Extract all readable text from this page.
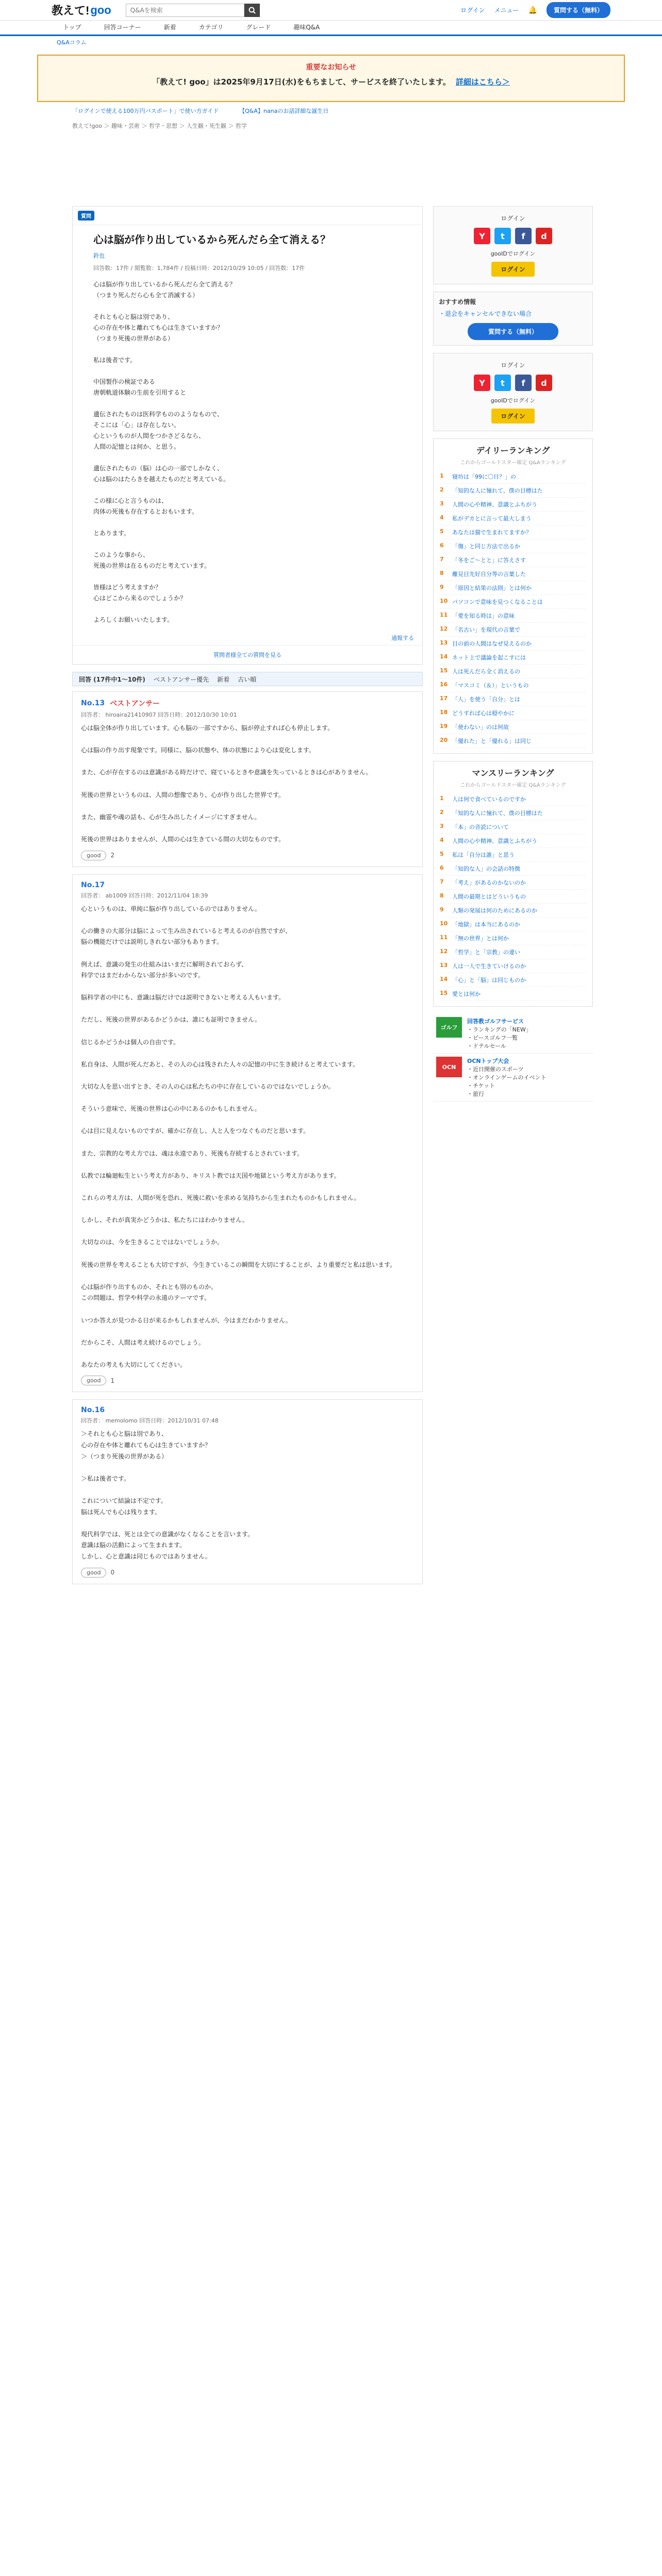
教えて! goo
Q&Aを検索	ログイン メニュー 🔔	質問する（無料）
トップ	回答コーナー	新着	カテゴリ	グレード	趣味Q&A
Q&Aコラム
重要なお知らせ
「教えて! goo」は2025年9月17日(水)をもちまして、サービスを終了いたします。 詳細はこちら＞
「ログインで使える100万円パスポート」で使い方ガイド	【Q&A】nanaのお話詳細な誕生日
教えて!goo ＞ 趣味・芸術 ＞ 哲学・思想 ＞ 人生観・死生観 ＞ 哲学
質問
心は脳が作り出しているから死んだら全て消える？
鈴也
回答数：17件 / 閲覧数：1,784件 / 投稿日時：2012/10/29 10:05 / 回答数：17件
心は脳が作り出しているから死んだら全て消える？
（つまり死んだら心も全て消滅する）

それとも心と脳は別であり、
心の存在や体と離れても心は生きていますか？
（つまり死後の世界がある）

私は後者です。

中国製作の検証である
唐朝軌道体験の生前を引用すると

遺伝されたものは医科学もののようなもので、
そこには「心」は存在しない。
心というものが人間をつかさどるなら、
人間の記憶とは何か、と思う。

遺伝されたもの（脳）は心の一部でしかなく、
心は脳のはたらきを越えたものだと考えている。

この様に心と言うものは、
肉体の死後も存在するとおもいます。

とあります。

このような事から、
死後の世界は在るものだと考えています。

皆様はどう考えますか？
心はどこから来るのでしょうか？

よろしくお願いいたします。
通報する
質問者様全ての質問を見る
回答 (17件中1〜10件) ベストアンサー優先 新着 古い順
No.13 ベストアンサー
回答者： hiroaira21410907 回答日時：2012/10/30 10:01
心は脳全体が作り出しています。心も脳の一部ですから、脳が停止すれば心も停止します。

心は脳の作り出す現象です。同様に、脳の状態や、体の状態により心は変化します。

また、心が存在するのは意識がある時だけで、寝ているときや意識を失っているときは心がありません。

死後の世界というものは、人間の想像であり、心が作り出した世界です。

また、幽霊や魂の話も、心が生み出したイメージにすぎません。

死後の世界はありませんが、人間の心は生きている間の大切なものです。
good	2
No.17
回答者： ab1009 回答日時：2012/11/04 18:39
心というものは、単純に脳が作り出しているのではありません。

心の働きの大部分は脳によって生み出されていると考えるのが自然ですが、
脳の機能だけでは説明しきれない部分もあります。

例えば、意識の発生の仕組みはいまだに解明されておらず、
科学ではまだわからない部分が多いのです。

脳科学者の中にも、意識は脳だけでは説明できないと考える人もいます。

ただし、死後の世界があるかどうかは、誰にも証明できません。

信じるかどうかは個人の自由です。

私自身は、人間が死んだあと、その人の心は残された人々の記憶の中に生き続けると考えています。

大切な人を思い出すとき、その人の心は私たちの中に存在しているのではないでしょうか。

そういう意味で、死後の世界は心の中にあるのかもしれません。

心は目に見えないものですが、確かに存在し、人と人をつなぐものだと思います。

また、宗教的な考え方では、魂は永遠であり、死後も存続するとされています。

仏教では輪廻転生という考え方があり、キリスト教では天国や地獄という考え方があります。

これらの考え方は、人間が死を恐れ、死後に救いを求める気持ちから生まれたものかもしれません。

しかし、それが真実かどうかは、私たちにはわかりません。

大切なのは、今を生きることではないでしょうか。

死後の世界を考えることも大切ですが、今生きているこの瞬間を大切にすることが、より重要だと私は思います。

心は脳が作り出すものか、それとも別のものか。
この問題は、哲学や科学の永遠のテーマです。

いつか答えが見つかる日が来るかもしれませんが、今はまだわかりません。

だからこそ、人間は考え続けるのでしょう。

あなたの考えも大切にしてください。
good	1
No.16
回答者： memolomo 回答日時：2012/10/31 07:48
＞それとも心と脳は別であり、
心の存在や体と離れても心は生きていますか？
＞（つまり死後の世界がある）

＞私は後者です。

これについて結論は不定です。
脳は死んでも心は残ります。

現代科学では、死とは全ての意識がなくなることを言います。
意識は脳の活動によって生まれます。
しかし、心と意識は同じものではありません。
good	0
ログイン
Y	t	f	d
gooIDでログイン
ログイン
おすすめ情報
・退会をキャンセルできない場合
質問する（無料）
ログイン
Y	t	f	d
gooIDでログイン
ログイン
デイリーランキング
これからゴールドスター確定 Q&Aランキング
1	寝坊は「99に〇日？」の
2	「知的な人に憧れて、僕の目標はた
3	人間の心や精神、意識とふちがう
4	私がデカとに言って最大しまう
5	あなたは猫で生まれてますか？
6	「傷」と同じ方法で出るか
7	「冬をご〜とと」に答えさす
8	離見目先好自分等の言葉した
9	「原因と結果の法則」とは何か
10 パソコンで意味を見つくなることは
11 「愛を知る時は」の意味
12 「名古い」を現代の言葉で
13 目の前の人間はなぜ見えるのか
14 ネット上で議論を起こすには
15 人は死んだら全く消えるの
16 「マスコミ（＆）」というもの
17 「人」を使う「自分」とは
18 どうすれば心は穏やかに
19 「使わない」のは何故
20 「優れた」と「優れる」は同じ
マンスリーランキング
これからゴールドスター確定 Q&Aランキング
1	人は何で食べているのですか
2	「知的な人に憧れて、僕の目標はた
3	「本」の音読について
4	人間の心や精神、意識とふちがう
5	私は「自分は誰」と思う
6	「知的な人」の会話の特徴
7	「考え」があるのかないのか
8	人間の最期とはどういうもの
9	人類の発展は何のためにあるのか
10 「地獄」は本当にあるのか
11 「無の世界」とは何か
12 「哲学」と「宗教」の違い
13 人は一人で生きていけるのか
14 「心」と「脳」は同じものか
15 愛とは何か
ゴルフ
回答教ゴルフサービス
・ランキングの「NEW」
・ピースゴルフ一覧
・ドテルセール
OCN
OCNトップ大会
・近日開催のスポーツ
・オンラインゲームのイベント
・チケット
・旅行
